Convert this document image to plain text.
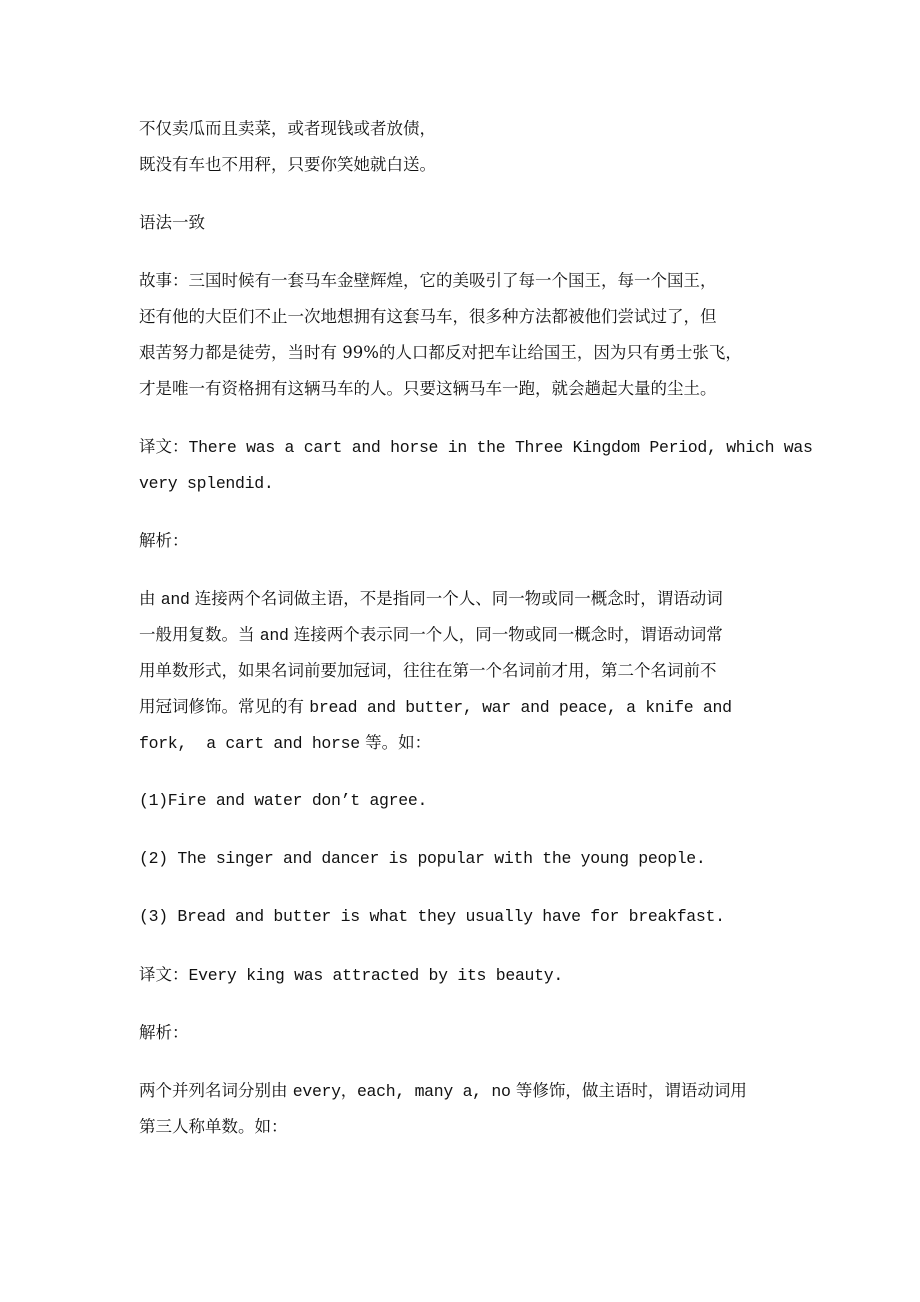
不仅卖瓜而且卖菜，或者现钱或者放债，
既没有车也不用秤，只要你笑她就白送。
语法一致
故事：三国时候有一套马车金壁辉煌，它的美吸引了每一个国王，每一个国王，
还有他的大臣们不止一次地想拥有这套马车，很多种方法都被他们尝试过了，但
艰苦努力都是徒劳，当时有 99%的人口都反对把车让给国王，因为只有勇士张飞，
才是唯一有资格拥有这辆马车的人。只要这辆马车一跑，就会趟起大量的尘土。
译文：There was a cart and horse in the Three Kingdom Period, which was
very splendid.
解析：
由 and 连接两个名词做主语，不是指同一个人、同一物或同一概念时，谓语动词
一般用复数。当 and 连接两个表示同一个人，同一物或同一概念时，谓语动词常
用单数形式，如果名词前要加冠词，往往在第一个名词前才用，第二个名词前不
用冠词修饰。常见的有 bread and butter, war and peace, a knife and
fork,  a cart and horse 等。如：
(1)Fire and water don’t agree.
(2) The singer and dancer is popular with the young people.
(3) Bread and butter is what they usually have for breakfast.
译文：Every king was attracted by its beauty.
解析：
两个并列名词分别由 every，each, many a, no 等修饰，做主语时，谓语动词用
第三人称单数。如：
